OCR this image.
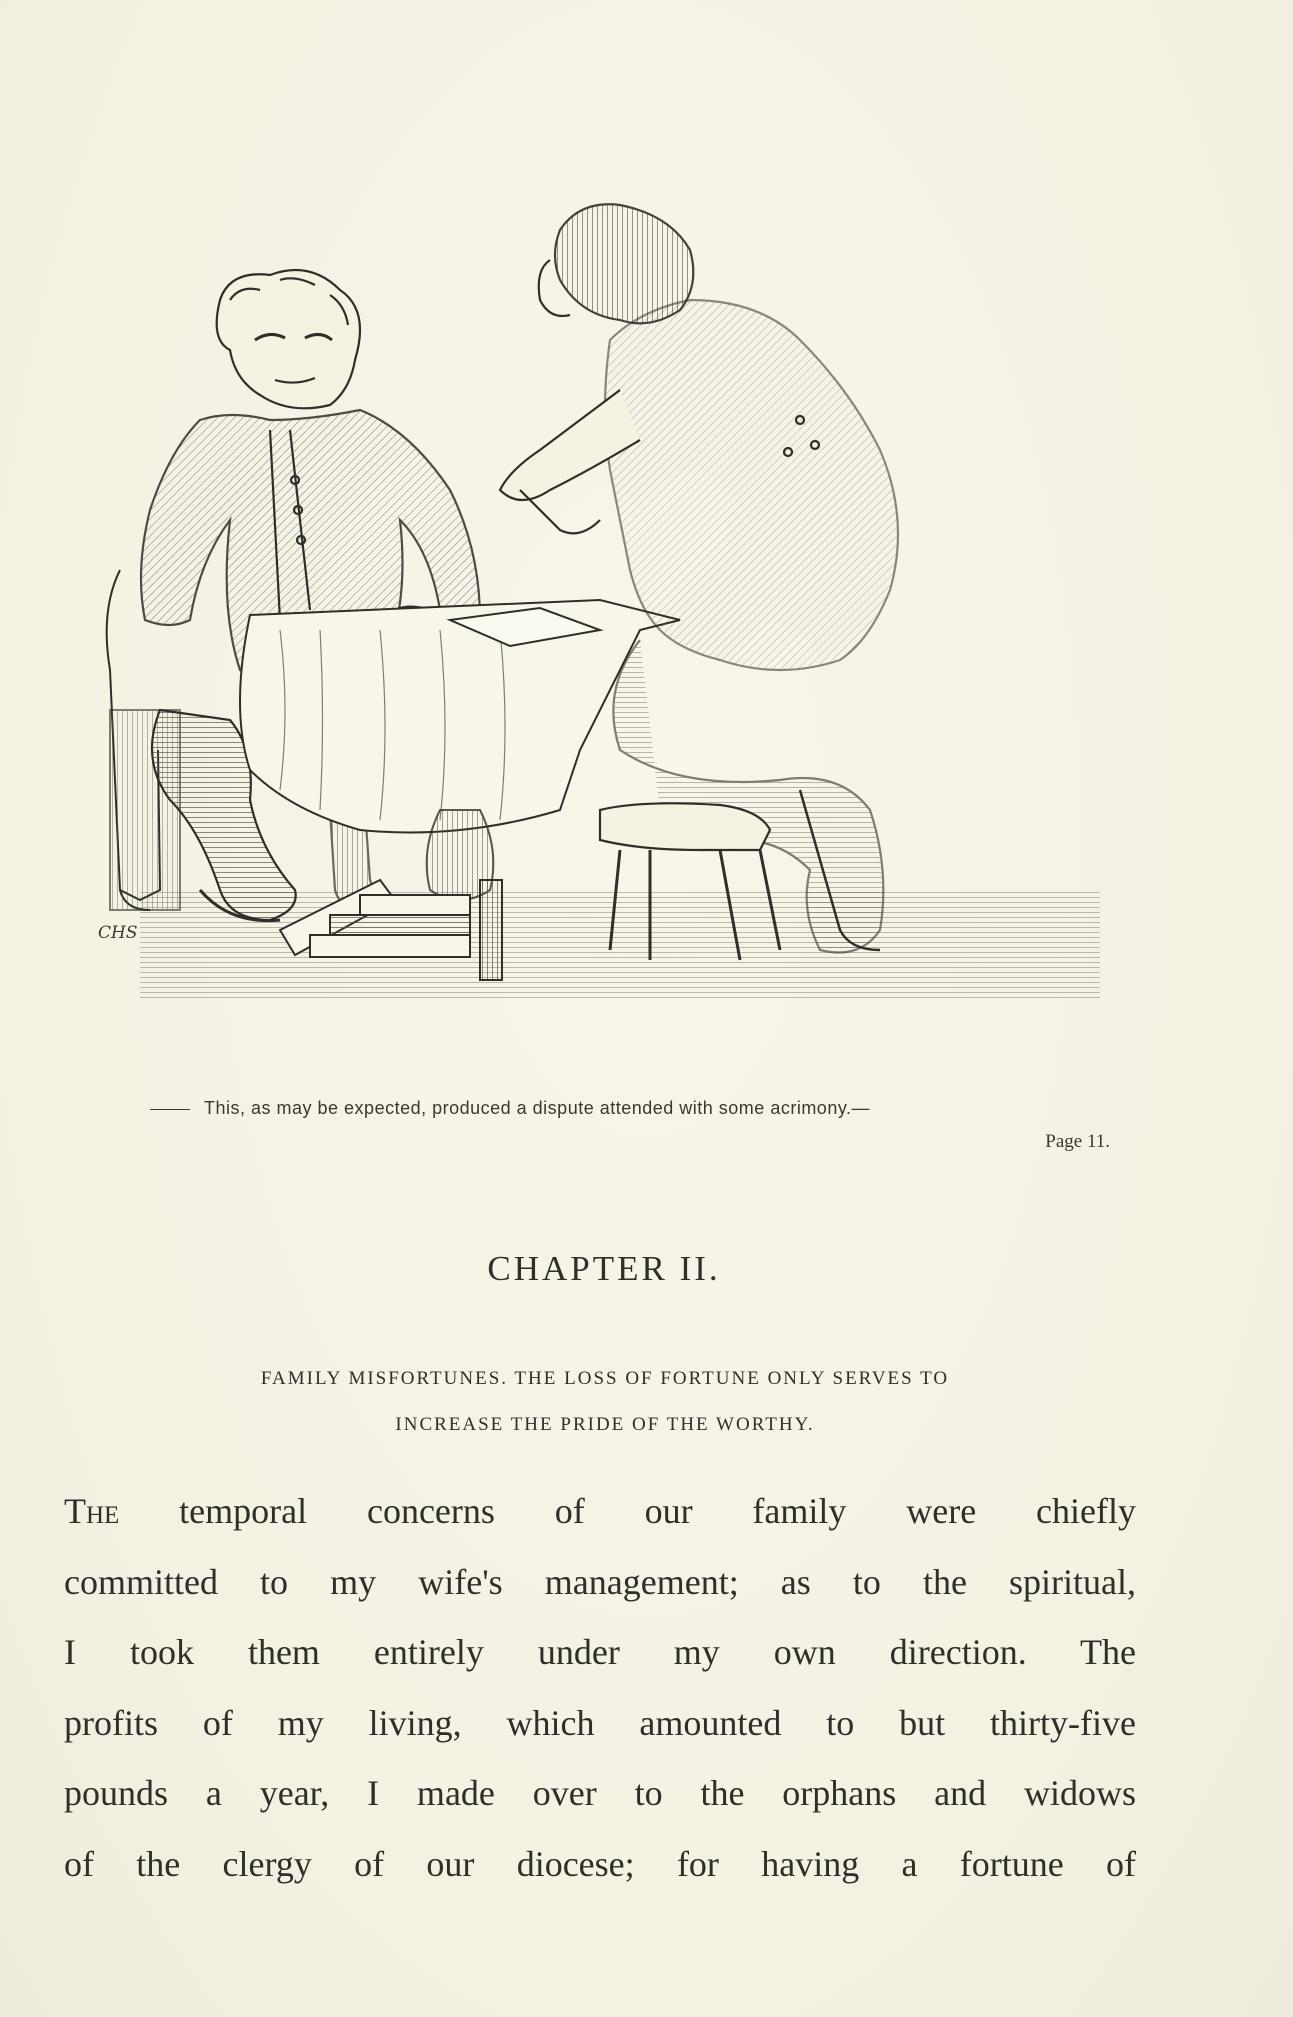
CHS
This, as may be expected, produced a dispute attended with some acrimony.—
Page 11.
CHAPTER II.
FAMILY MISFORTUNES. THE LOSS OF FORTUNE ONLY SERVES TO
INCREASE THE PRIDE OF THE WORTHY.
The temporal concerns of our family were chiefly
committed to my wife's management; as to the spiritual,
I took them entirely under my own direction. The
profits of my living, which amounted to but thirty-five
pounds a year, I made over to the orphans and widows
of the clergy of our diocese; for having a fortune of
